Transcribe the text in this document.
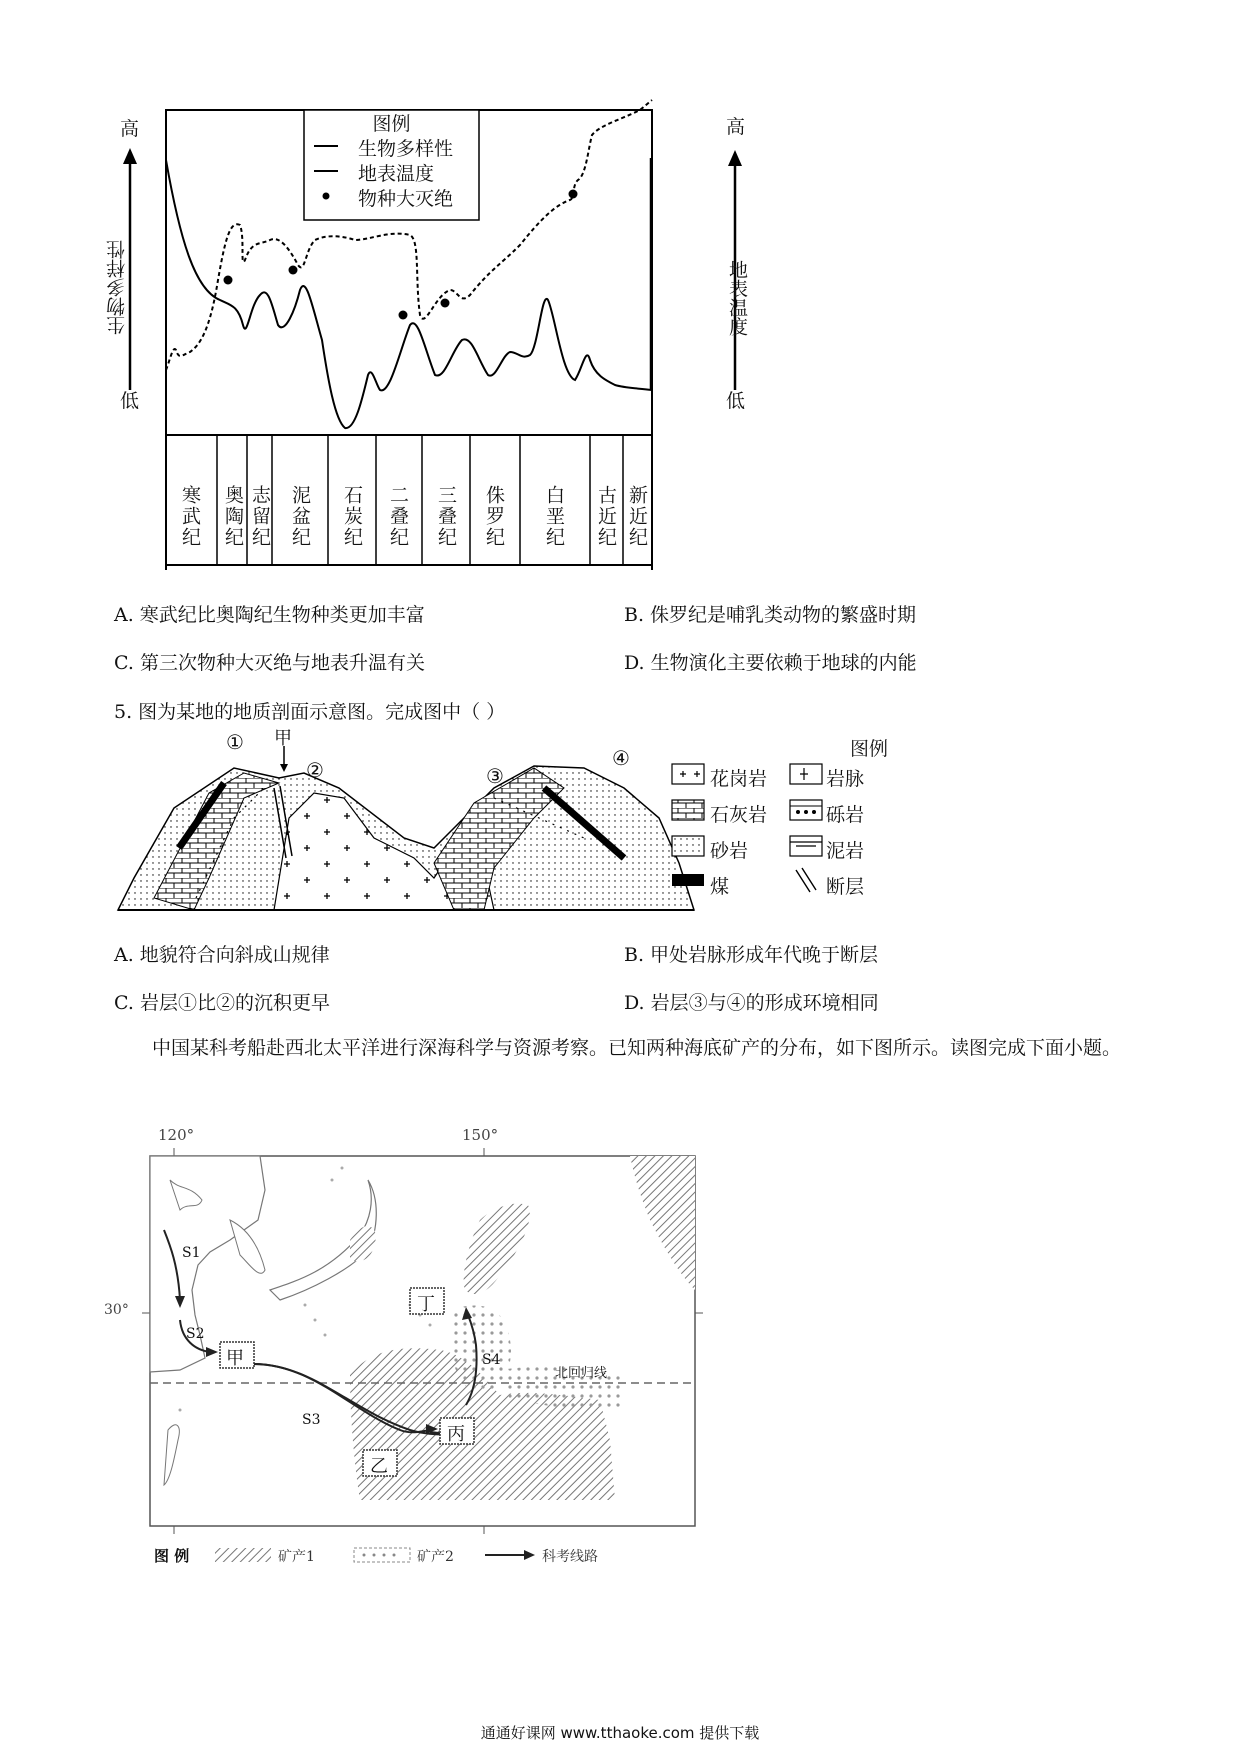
图例
生物多样性
地表温度
物种大灭绝
高
低
生物多样性
高
低
地表温度
寒武纪 奥陶纪 志留纪 泥盆纪 石炭纪 二叠纪 三叠纪 侏罗纪 白垩纪 古近纪 新近纪
A. 寒武纪比奥陶纪生物种类更加丰富	B. 侏罗纪是哺乳类动物的繁盛时期
C. 第三次物种大灭绝与地表升温有关	D. 生物演化主要依赖于地球的内能
5. 图为某地的地质剖面示意图。完成图中（ ）
甲
①
②	③
④	图例
花岗岩	岩脉
石灰岩	砾岩
砂岩	泥岩
煤	断层
A. 地貌符合向斜成山规律	B. 甲处岩脉形成年代晚于断层
C. 岩层①比②的沉积更早	D. 岩层③与④的形成环境相同
中国某科考船赴西北太平洋进行深海科学与资源考察。已知两种海底矿产的分布，如下图所示。读图完成下面小题。
120°	150°
30°
S1
S2
S3
S4
北回归线
甲
乙
丙
丁
图 例	矿产1	矿产2	科考线路
通通好课网 www.tthaoke.com 提供下载
